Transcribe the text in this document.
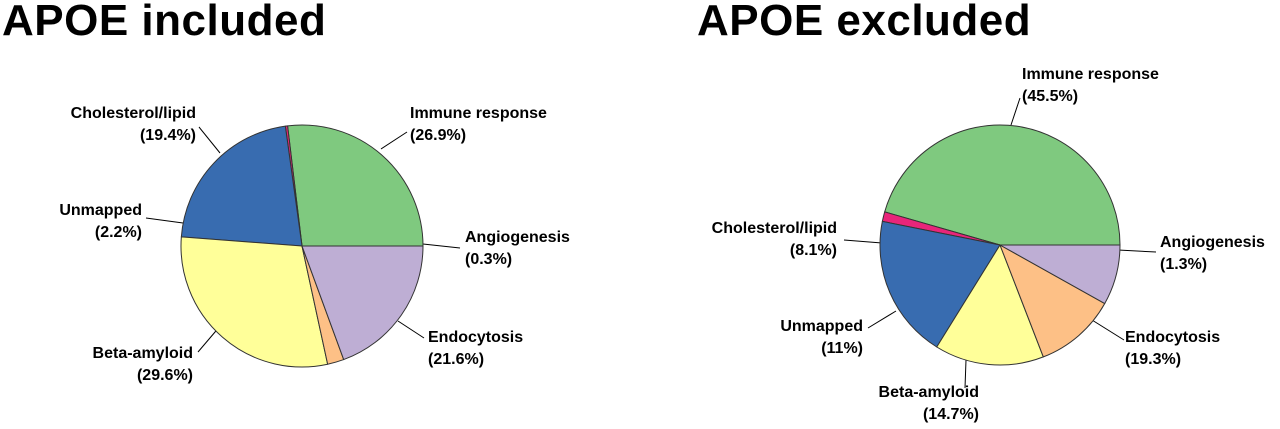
APOE included
Immune response
(26.9%)
Angiogenesis
(0.3%)
Endocytosis
(21.6%)
Beta-amyloid
(29.6%)
Unmapped
(2.2%)
Cholesterol/lipid
(19.4%)
APOE excluded
Immune response
(45.5%)
Angiogenesis
(1.3%)
Endocytosis
(19.3%)
Beta-amyloid
(14.7%)
Unmapped
(11%)
Cholesterol/lipid
(8.1%)
